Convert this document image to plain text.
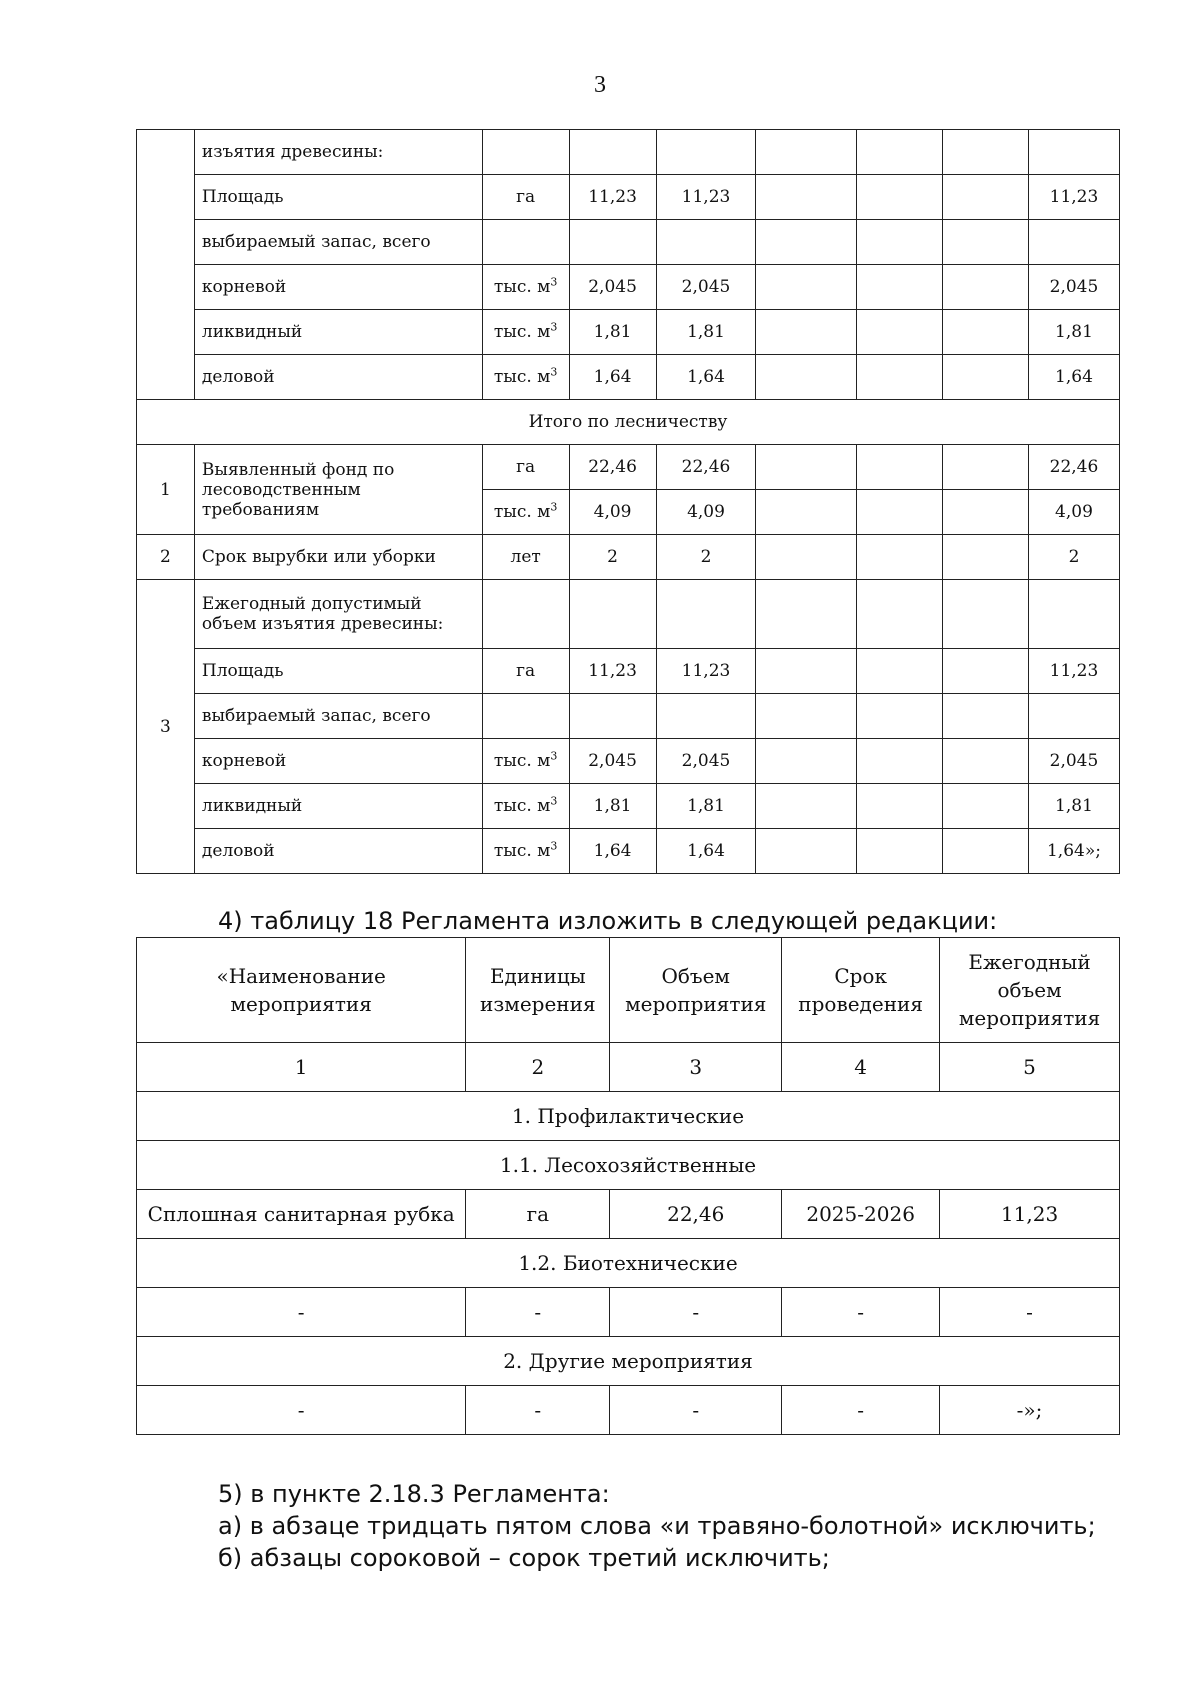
3
	изъятия древесины:							
	Площадь	га	11,23	11,23				11,23
	выбираемый запас, всего							
	корневой	тыс. $м^3$	2,045	2,045				2,045
	ликвидный	тыс. $м^3$	1,81	1,81				1,81
	деловой	тыс. $м^3$	1,64	1,64				1,64
Итого по лесничеству								
1	Выявленный фонд по лесоводственным требованиям	га	22,46	22,46				22,46
		тыс. $м^3$	4,09	4,09				4,09
2	Срок вырубки или уборки	лет	2	2				2
3	Ежегодный допустимый объем изъятия древесины:							
	Площадь	га	11,23	11,23				11,23
	выбираемый запас, всего							
	корневой	тыс. $м^3$	2,045	2,045				2,045
	ликвидный	тыс. $м^3$	1,81	1,81				1,81
	деловой	тыс. $м^3$	1,64	1,64				1,64»;
4) таблицу 18 Регламента изложить в следующей редакции:
«Наименование мероприятия	Единицы измерения	Объем мероприятия	Срок проведения	Ежегодный объем мероприятия
1	2	3	4	5
1. Профилактические				
1.1. Лесохозяйственные				
Сплошная санитарная рубка	га	22,46	2025-2026	11,23
1.2. Биотехнические				
-	-	-	-	-
2. Другие мероприятия				
-	-	-	-	-»;
5) в пункте 2.18.3 Регламента:
а) в абзаце тридцать пятом слова «и травяно-болотной» исключить;
б) абзацы сороковой – сорок третий исключить;
